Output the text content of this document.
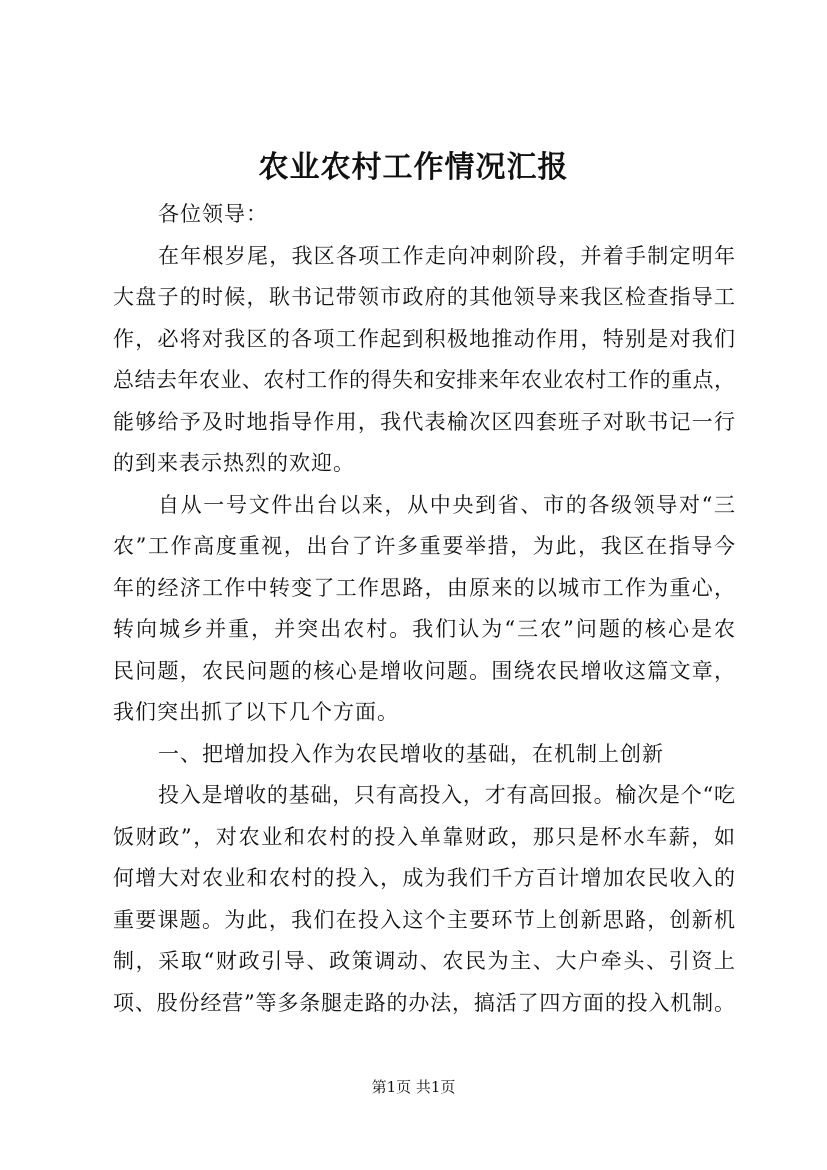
农业农村工作情况汇报
各位领导：
在年根岁尾，我区各项工作走向冲刺阶段，并着手制定明年
大盘子的时候，耿书记带领市政府的其他领导来我区检查指导工
作，必将对我区的各项工作起到积极地推动作用，特别是对我们
总结去年农业、农村工作的得失和安排来年农业农村工作的重点，
能够给予及时地指导作用，我代表榆次区四套班子对耿书记一行
的到来表示热烈的欢迎。
自从一号文件出台以来，从中央到省、市的各级领导对“三
农”工作高度重视，出台了许多重要举措，为此，我区在指导今
年的经济工作中转变了工作思路，由原来的以城市工作为重心，
转向城乡并重，并突出农村。我们认为“三农”问题的核心是农
民问题，农民问题的核心是增收问题。围绕农民增收这篇文章，
我们突出抓了以下几个方面。
一、把增加投入作为农民增收的基础，在机制上创新
投入是增收的基础，只有高投入，才有高回报。榆次是个“吃
饭财政”，对农业和农村的投入单靠财政，那只是杯水车薪，如
何增大对农业和农村的投入，成为我们千方百计增加农民收入的
重要课题。为此，我们在投入这个主要环节上创新思路，创新机
制，采取“财政引导、政策调动、农民为主、大户牵头、引资上
项、股份经营”等多条腿走路的办法，搞活了四方面的投入机制。
第1页 共1页
